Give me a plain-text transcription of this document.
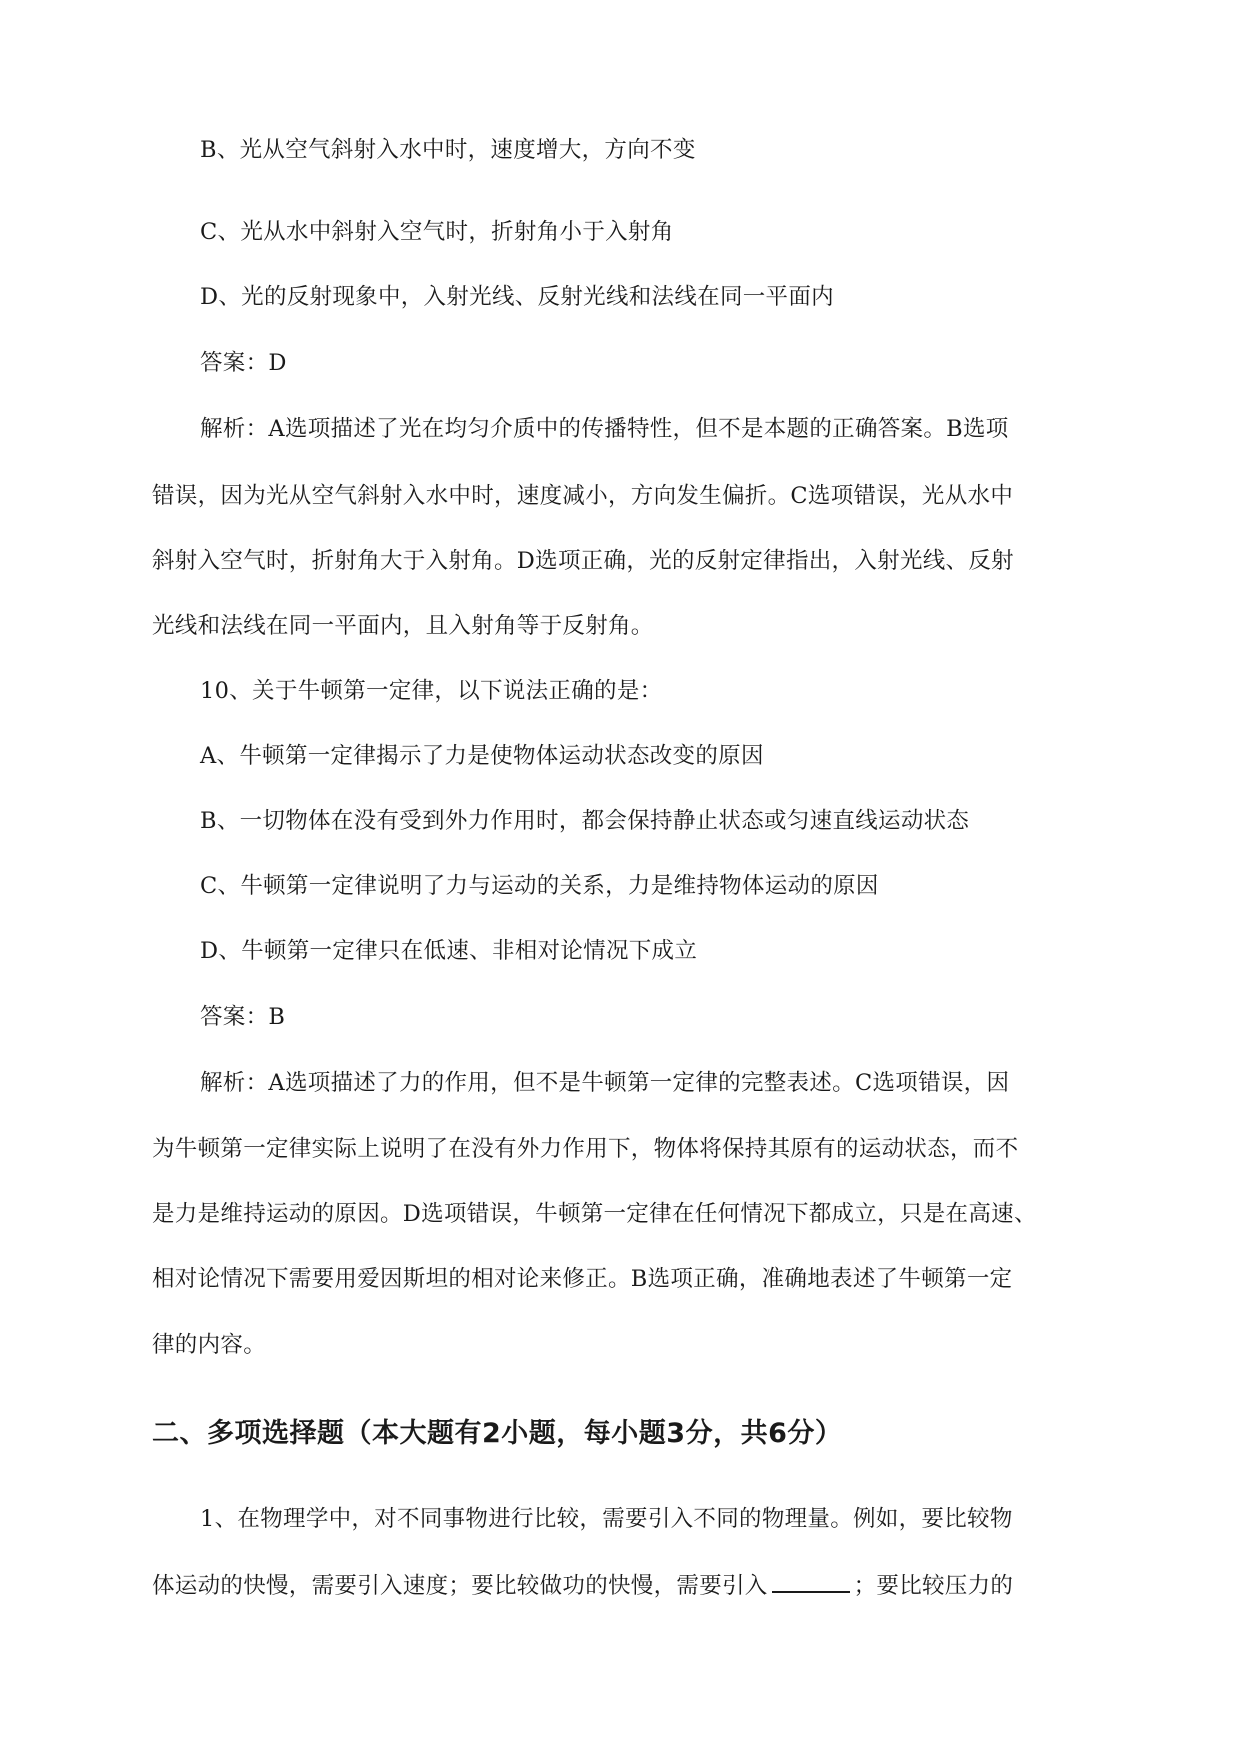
B、光从空气斜射入水中时，速度增大，方向不变
C、光从水中斜射入空气时，折射角小于入射角
D、光的反射现象中，入射光线、反射光线和法线在同一平面内
答案：D
解析：A选项描述了光在均匀介质中的传播特性，但不是本题的正确答案。B选项
错误，因为光从空气斜射入水中时，速度减小，方向发生偏折。C选项错误，光从水中
斜射入空气时，折射角大于入射角。D选项正确，光的反射定律指出，入射光线、反射
光线和法线在同一平面内，且入射角等于反射角。
10、关于牛顿第一定律，以下说法正确的是：
A、牛顿第一定律揭示了力是使物体运动状态改变的原因
B、一切物体在没有受到外力作用时，都会保持静止状态或匀速直线运动状态
C、牛顿第一定律说明了力与运动的关系，力是维持物体运动的原因
D、牛顿第一定律只在低速、非相对论情况下成立
答案：B
解析：A选项描述了力的作用，但不是牛顿第一定律的完整表述。C选项错误，因
为牛顿第一定律实际上说明了在没有外力作用下，物体将保持其原有的运动状态，而不
是力是维持运动的原因。D选项错误，牛顿第一定律在任何情况下都成立，只是在高速、
相对论情况下需要用爱因斯坦的相对论来修正。B选项正确，准确地表述了牛顿第一定
律的内容。
二、多项选择题（本大题有2小题，每小题3分，共6分）
1、在物理学中，对不同事物进行比较，需要引入不同的物理量。例如，要比较物
体运动的快慢，需要引入速度；要比较做功的快慢，需要引入	；要比较压力的
